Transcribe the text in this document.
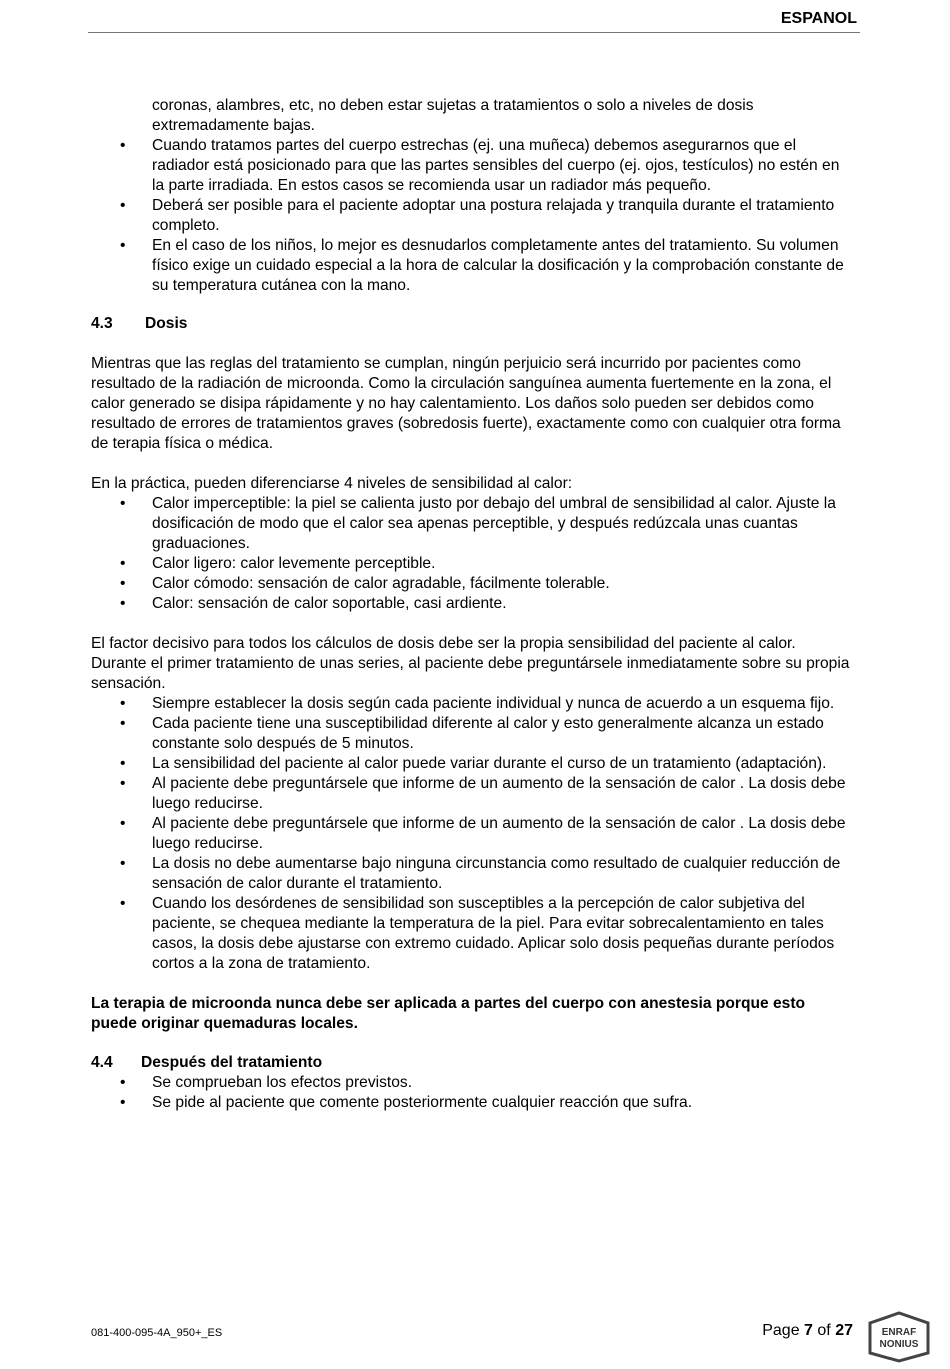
ESPANOL
coronas, alambres, etc, no deben estar sujetas a tratamientos o solo a niveles de dosis extremadamente bajas.
• Cuando tratamos partes del cuerpo estrechas (ej. una muñeca) debemos asegurarnos que el radiador está posicionado para que las partes sensibles del cuerpo (ej. ojos, testículos) no estén en la parte irradiada. En estos casos se recomienda usar un radiador más pequeño.
• Deberá ser posible para el paciente adoptar una postura relajada y tranquila durante el tratamiento completo.
• En el caso de los niños, lo mejor es desnudarlos completamente antes del tratamiento. Su volumen físico exige un cuidado especial a la hora de calcular la dosificación y la comprobación constante de su temperatura cutánea con la mano.
4.3 Dosis

Mientras que las reglas del tratamiento se cumplan, ningún perjuicio será incurrido por pacientes como resultado de la radiación de microonda. Como la circulación sanguínea aumenta fuertemente en la zona, el calor generado se disipa rápidamente y no hay calentamiento. Los daños solo pueden ser debidos como resultado de errores de tratamientos graves (sobredosis fuerte), exactamente como con cualquier otra forma de terapia física o médica.

En la práctica, pueden diferenciarse 4 niveles de sensibilidad al calor:

• Calor imperceptible: la piel se calienta justo por debajo del umbral de sensibilidad al calor. Ajuste la dosificación de modo que el calor sea apenas perceptible, y después redúzcala unas cuantas graduaciones.
• Calor ligero: calor levemente perceptible.
• Calor cómodo: sensación de calor agradable, fácilmente tolerable.
• Calor: sensación de calor soportable, casi ardiente.

El factor decisivo para todos los cálculos de dosis debe ser la propia sensibilidad del paciente al calor. Durante el primer tratamiento de unas series, al paciente debe preguntársele inmediatamente sobre su propia sensación.

• Siempre establecer la dosis según cada paciente individual y nunca de acuerdo a un esquema fijo.
• Cada paciente tiene una susceptibilidad diferente al calor y esto generalmente alcanza un estado constante solo después de 5 minutos.
• La sensibilidad del paciente al calor puede variar durante el curso de un tratamiento (adaptación).
• Al paciente debe preguntársele que informe de un aumento de la sensación de calor . La dosis debe luego reducirse.
• Al paciente debe preguntársele que informe de un aumento de la sensación de calor . La dosis debe luego reducirse.
• La dosis no debe aumentarse bajo ninguna circunstancia como resultado de cualquier reducción de sensación de calor durante el tratamiento.
• Cuando los desórdenes de sensibilidad son susceptibles a la percepción de calor subjetiva del paciente, se chequea mediante la temperatura de la piel. Para evitar sobrecalentamiento en tales casos, la dosis debe ajustarse con extremo cuidado. Aplicar solo dosis pequeñas durante períodos cortos a la zona de tratamiento.

La terapia de microonda nunca debe ser aplicada a partes del cuerpo con anestesia porque esto puede originar quemaduras locales.

4.4 Después del tratamiento
• Se comprueban los efectos previstos.
• Se pide al paciente que comente posteriormente cualquier reacción que sufra.
081-400-095-4A_950+_ES	Page 7 of 27	ENRAF
NONIUS
